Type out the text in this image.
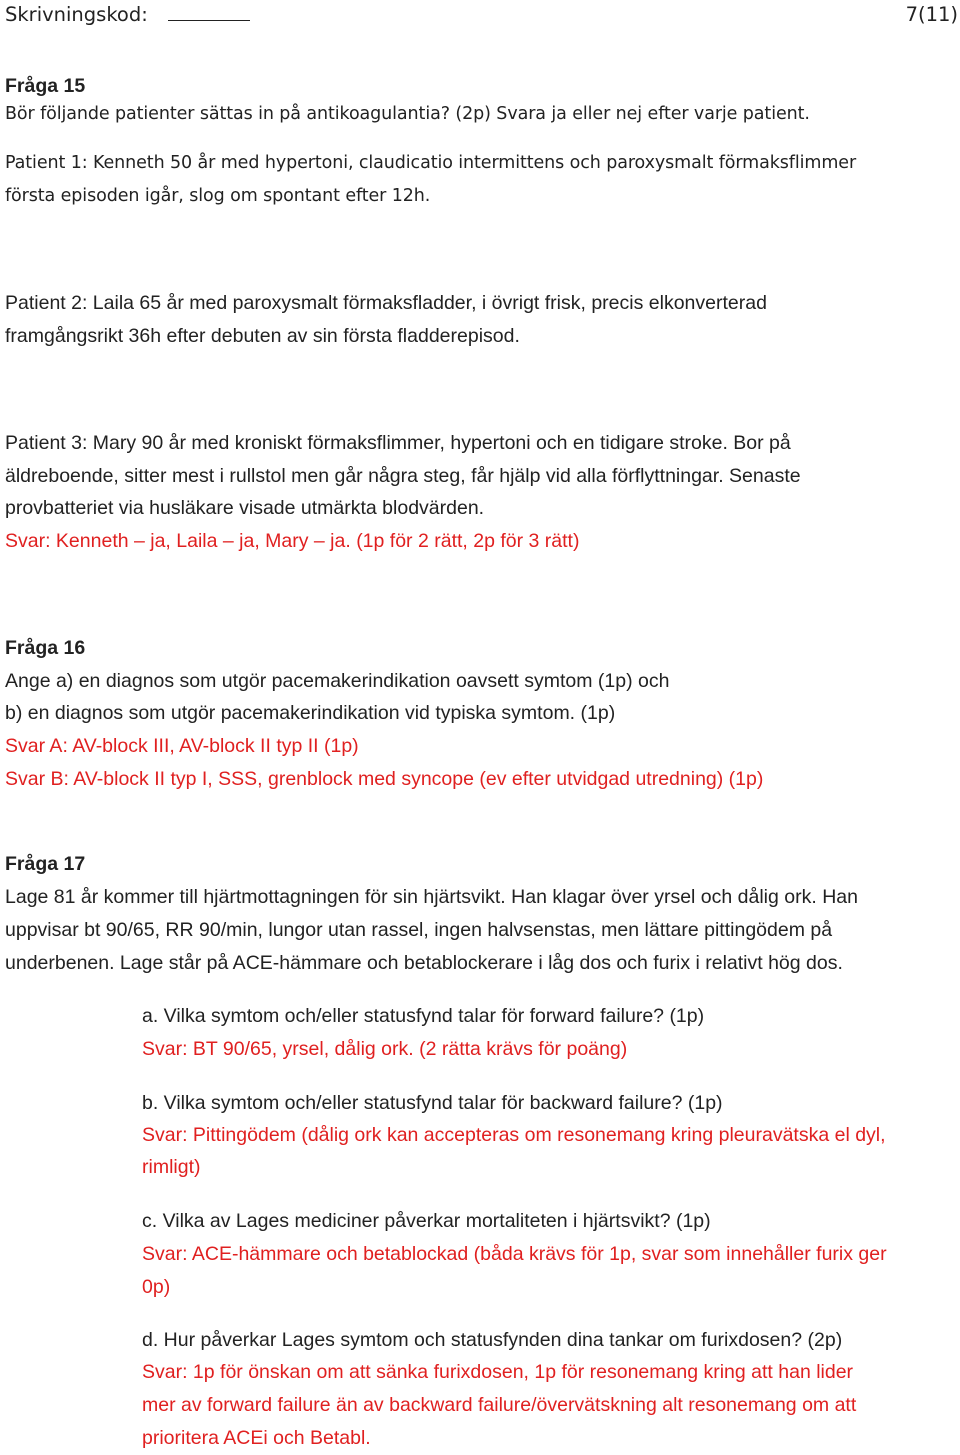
Skrivningskod:	7(11)
Fråga 15
Bör följande patienter sättas in på antikoagulantia? (2p) Svara ja eller nej efter varje patient.
Patient 1: Kenneth 50 år med hypertoni, claudicatio intermittens och paroxysmalt förmaksflimmer
första episoden igår, slog om spontant efter 12h.
Patient 2: Laila 65 år med paroxysmalt förmaksfladder, i övrigt frisk, precis elkonverterad
framgångsrikt 36h efter debuten av sin första fladderepisod.
Patient 3: Mary 90 år med kroniskt förmaksflimmer, hypertoni och en tidigare stroke. Bor på
äldreboende, sitter mest i rullstol men går några steg, får hjälp vid alla förflyttningar. Senaste
provbatteriet via husläkare visade utmärkta blodvärden.
Svar: Kenneth – ja, Laila – ja, Mary – ja. (1p för 2 rätt, 2p för 3 rätt)
Fråga 16
Ange a) en diagnos som utgör pacemakerindikation oavsett symtom (1p) och
b) en diagnos som utgör pacemakerindikation vid typiska symtom. (1p)
Svar A: AV-block III, AV-block II typ II (1p)
Svar B: AV-block II typ I, SSS, grenblock med syncope (ev efter utvidgad utredning) (1p)
Fråga 17
Lage 81 år kommer till hjärtmottagningen för sin hjärtsvikt. Han klagar över yrsel och dålig ork. Han
uppvisar bt 90/65, RR 90/min, lungor utan rassel, ingen halvsenstas, men lättare pittingödem på
underbenen. Lage står på ACE-hämmare och betablockerare i låg dos och furix i relativt hög dos.
a. Vilka symtom och/eller statusfynd talar för forward failure? (1p)
Svar: BT 90/65, yrsel, dålig ork. (2 rätta krävs för poäng)
b. Vilka symtom och/eller statusfynd talar för backward failure? (1p)
Svar: Pittingödem (dålig ork kan accepteras om resonemang kring pleuravätska el dyl,
rimligt)
c. Vilka av Lages mediciner påverkar mortaliteten i hjärtsvikt? (1p)
Svar: ACE-hämmare och betablockad (båda krävs för 1p, svar som innehåller furix ger
0p)
d. Hur påverkar Lages symtom och statusfynden dina tankar om furixdosen? (2p)
Svar: 1p för önskan om att sänka furixdosen, 1p för resonemang kring att han lider
mer av forward failure än av backward failure/övervätskning alt resonemang om att
prioritera ACEi och Betabl.
